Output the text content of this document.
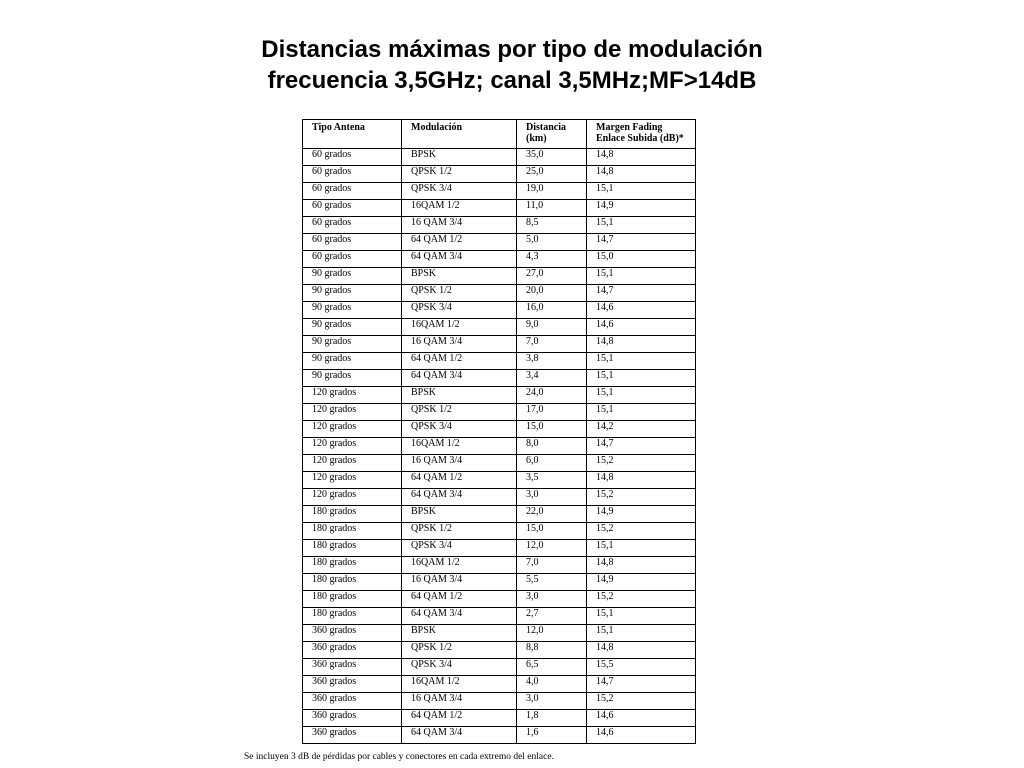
Distancias máximas por tipo de modulación
frecuencia 3,5GHz; canal 3,5MHz;MF>14dB
Tipo Antena	Modulación	Distancia (km)	Margen Fading Enlace Subida (dB)*
60 grados	BPSK	35,0	14,8
60 grados	QPSK 1/2	25,0	14,8
60 grados	QPSK 3/4	19,0	15,1
60 grados	16QAM 1/2	11,0	14,9
60 grados	16 QAM 3/4	8,5	15,1
60 grados	64 QAM 1/2	5,0	14,7
60 grados	64 QAM 3/4	4,3	15,0
90 grados	BPSK	27,0	15,1
90 grados	QPSK 1/2	20,0	14,7
90 grados	QPSK 3/4	16,0	14,6
90 grados	16QAM 1/2	9,0	14,6
90 grados	16 QAM 3/4	7,0	14,8
90 grados	64 QAM 1/2	3,8	15,1
90 grados	64 QAM 3/4	3,4	15,1
120 grados	BPSK	24,0	15,1
120 grados	QPSK 1/2	17,0	15,1
120 grados	QPSK 3/4	15,0	14,2
120 grados	16QAM 1/2	8,0	14,7
120 grados	16 QAM 3/4	6,0	15,2
120 grados	64 QAM 1/2	3,5	14,8
120 grados	64 QAM 3/4	3,0	15,2
180 grados	BPSK	22,0	14,9
180 grados	QPSK 1/2	15,0	15,2
180 grados	QPSK 3/4	12,0	15,1
180 grados	16QAM 1/2	7,0	14,8
180 grados	16 QAM 3/4	5,5	14,9
180 grados	64 QAM 1/2	3,0	15,2
180 grados	64 QAM 3/4	2,7	15,1
360 grados	BPSK	12,0	15,1
360 grados	QPSK 1/2	8,8	14,8
360 grados	QPSK 3/4	6,5	15,5
360 grados	16QAM 1/2	4,0	14,7
360 grados	16 QAM 3/4	3,0	15,2
360 grados	64 QAM 1/2	1,8	14,6
360 grados	64 QAM 3/4	1,6	14,6
Se incluyen 3 dB de pérdidas por cables y conectores en cada extremo del enlace.
